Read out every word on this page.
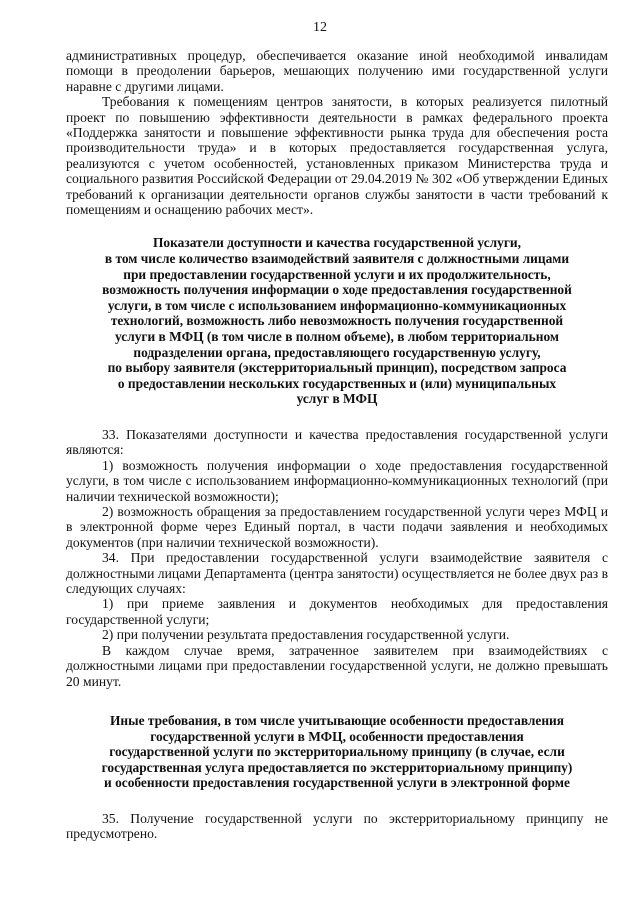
12

административных процедур, обеспечивается оказание иной необходимой инвалидам помощи в преодолении барьеров, мешающих получению ими государственной услуги наравне с другими лицами.

Требования к помещениям центров занятости, в которых реализуется пилотный проект по повышению эффективности деятельности в рамках федерального проекта «Поддержка занятости и повышение эффективности рынка труда для обеспечения роста производительности труда» и в которых предоставляется государственная услуга, реализуются с учетом особенностей, установленных приказом Министерства труда и социального развития Российской Федерации от 29.04.2019 № 302 «Об утверждении Единых требований к организации деятельности органов службы занятости в части требований к помещениям и оснащению рабочих мест».

Показатели доступности и качества государственной услуги,
в том числе количество взаимодействий заявителя с должностными лицами
при предоставлении государственной услуги и их продолжительность,
возможность получения информации о ходе предоставления государственной
услуги, в том числе с использованием информационно-коммуникационных
технологий, возможность либо невозможность получения государственной
услуги в МФЦ (в том числе в полном объеме), в любом территориальном
подразделении органа, предоставляющего государственную услугу,
по выбору заявителя (экстерриториальный принцип), посредством запроса
о предоставлении нескольких государственных и (или) муниципальных
услуг в МФЦ

33. Показателями доступности и качества предоставления государственной услуги являются:

1) возможность получения информации о ходе предоставления государственной услуги, в том числе с использованием информационно-коммуникационных технологий (при наличии технической возможности);

2) возможность обращения за предоставлением государственной услуги через МФЦ и в электронной форме через Единый портал, в части подачи заявления и необходимых документов (при наличии технической возможности).

34. При предоставлении государственной услуги взаимодействие заявителя с должностными лицами Департамента (центра занятости) осуществляется не более двух раз в следующих случаях:

1) при приеме заявления и документов необходимых для предоставления государственной услуги;

2) при получении результата предоставления государственной услуги.

В каждом случае время, затраченное заявителем при взаимодействиях с должностными лицами при предоставлении государственной услуги, не должно превышать 20 минут.

Иные требования, в том числе учитывающие особенности предоставления
государственной услуги в МФЦ, особенности предоставления
государственной услуги по экстерриториальному принципу (в случае, если
государственная услуга предоставляется по экстерриториальному принципу)
и особенности предоставления государственной услуги в электронной форме

35. Получение государственной услуги по экстерриториальному принципу не предусмотрено.
